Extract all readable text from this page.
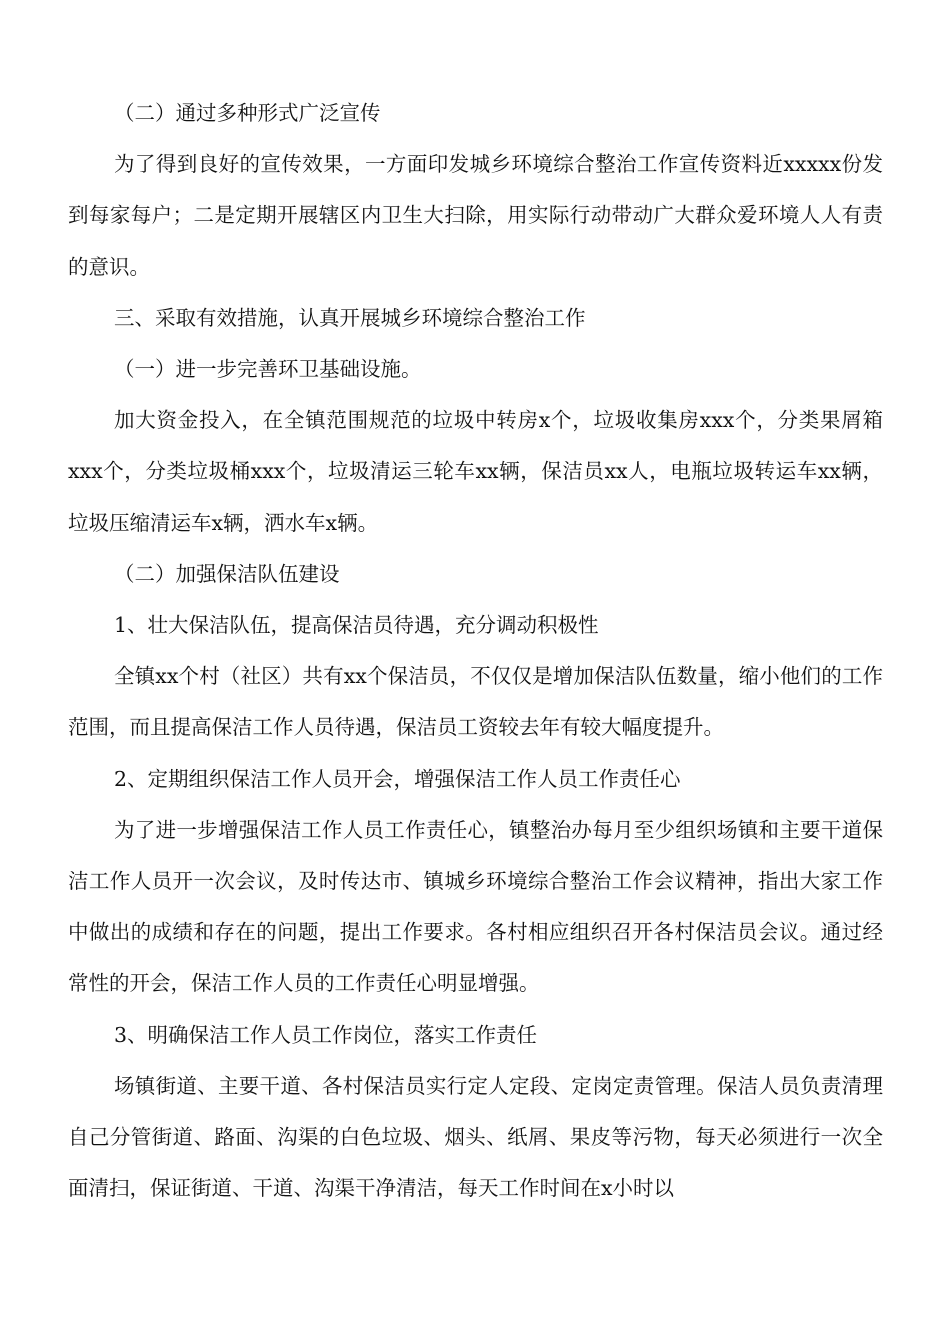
（二）通过多种形式广泛宣传

为了得到良好的宣传效果，一方面印发城乡环境综合整治工作宣传资料近xxxxx份发到每家每户；二是定期开展辖区内卫生大扫除，用实际行动带动广大群众爱环境人人有责的意识。

三、采取有效措施，认真开展城乡环境综合整治工作

（一）进一步完善环卫基础设施。

加大资金投入，在全镇范围规范的垃圾中转房x个，垃圾收集房xxx个，分类果屑箱xxx个，分类垃圾桶xxx个，垃圾清运三轮车xx辆，保洁员xx人，电瓶垃圾转运车xx辆，垃圾压缩清运车x辆，洒水车x辆。

（二）加强保洁队伍建设

1、壮大保洁队伍，提高保洁员待遇，充分调动积极性

全镇xx个村（社区）共有xx个保洁员，不仅仅是增加保洁队伍数量，缩小他们的工作范围，而且提高保洁工作人员待遇，保洁员工资较去年有较大幅度提升。

2、定期组织保洁工作人员开会，增强保洁工作人员工作责任心

为了进一步增强保洁工作人员工作责任心，镇整治办每月至少组织场镇和主要干道保洁工作人员开一次会议，及时传达市、镇城乡环境综合整治工作会议精神，指出大家工作中做出的成绩和存在的问题，提出工作要求。各村相应组织召开各村保洁员会议。通过经常性的开会，保洁工作人员的工作责任心明显增强。

3、明确保洁工作人员工作岗位，落实工作责任

场镇街道、主要干道、各村保洁员实行定人定段、定岗定责管理。保洁人员负责清理自己分管街道、路面、沟渠的白色垃圾、烟头、纸屑、果皮等污物，每天必须进行一次全面清扫，保证街道、干道、沟渠干净清洁，每天工作时间在x小时以
